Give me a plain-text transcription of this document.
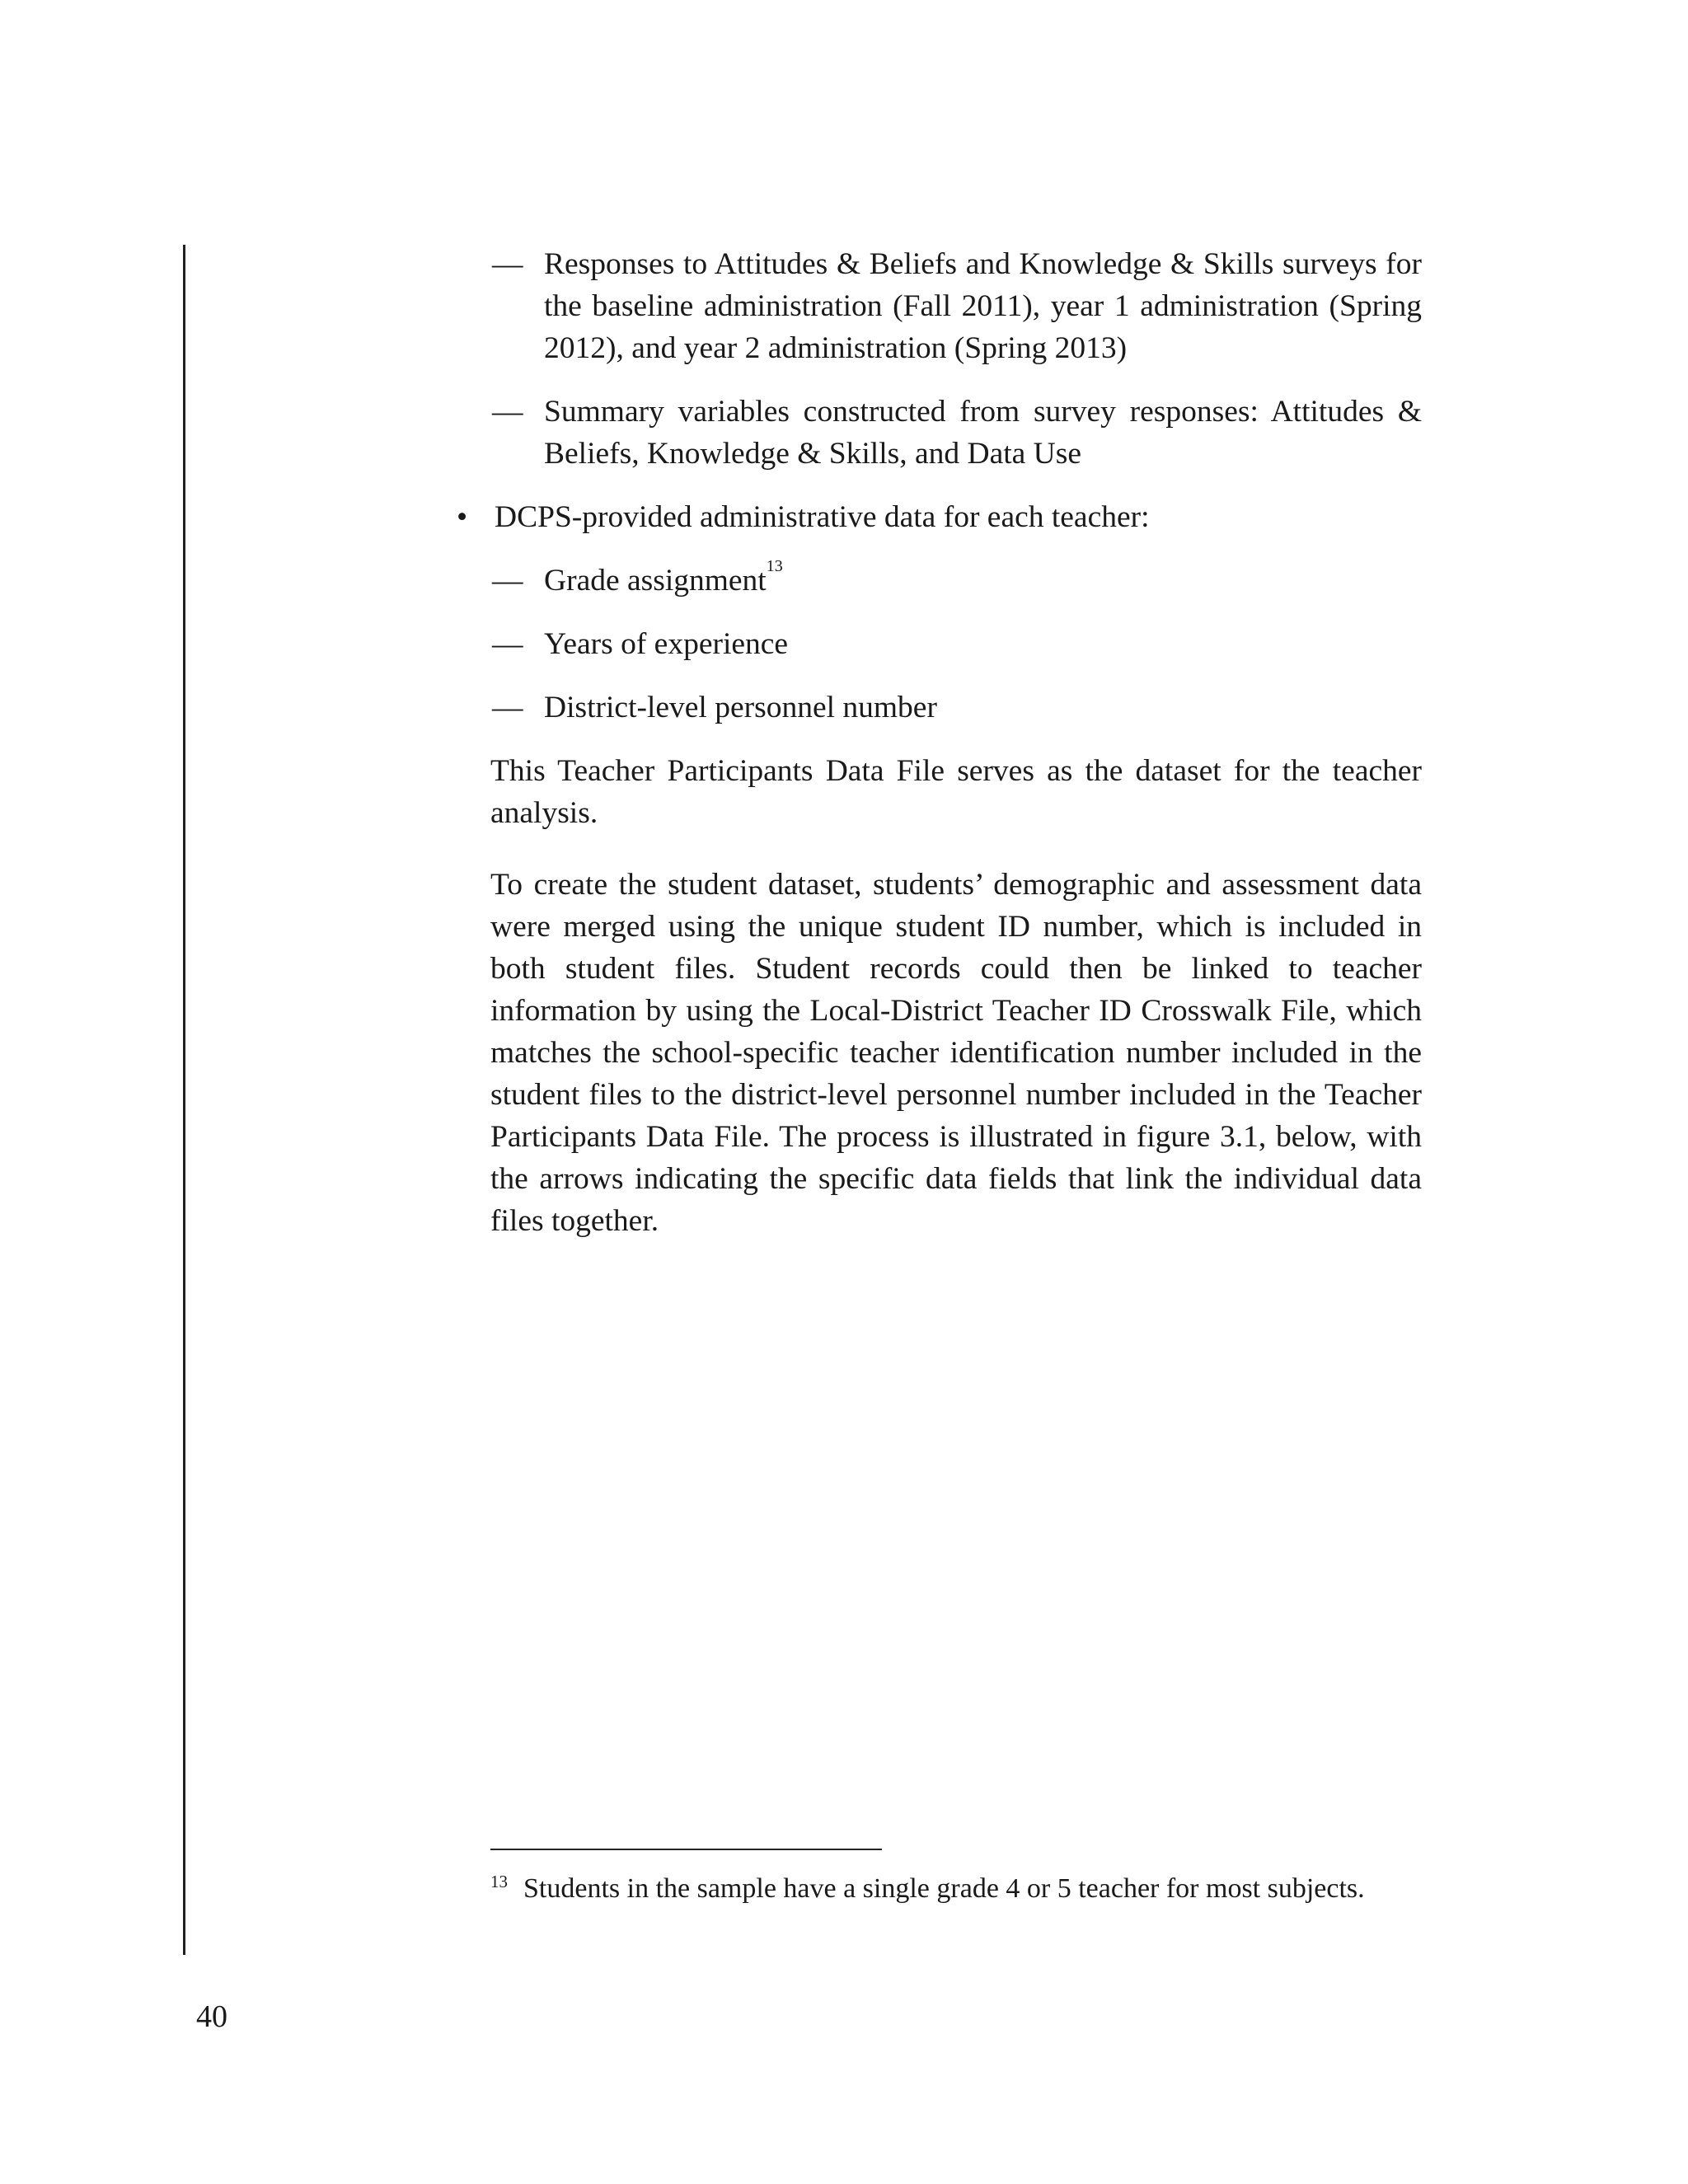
— Responses to Attitudes & Beliefs and Knowledge & Skills surveys for the baseline administration (Fall 2011), year 1 administration (Spring 2012), and year 2 administration (Spring 2013)
— Summary variables constructed from survey responses: Attitudes & Beliefs, Knowledge & Skills, and Data Use
• DCPS-provided administrative data for each teacher:
— Grade assignment$^{13}$
— Years of experience
— District-level personnel number

This Teacher Participants Data File serves as the dataset for the teacher analysis.

To create the student dataset, students’ demographic and assessment data were merged using the unique student ID number, which is included in both student files. Student records could then be linked to teacher information by using the Local-District Teacher ID Crosswalk File, which matches the school-specific teacher identification number included in the student files to the district-level personnel number included in the Teacher Participants Data File. The process is illustrated in figure 3.1, below, with the arrows indicating the specific data fields that link the individual data files together.

13 Students in the sample have a single grade 4 or 5 teacher for most subjects.
40
